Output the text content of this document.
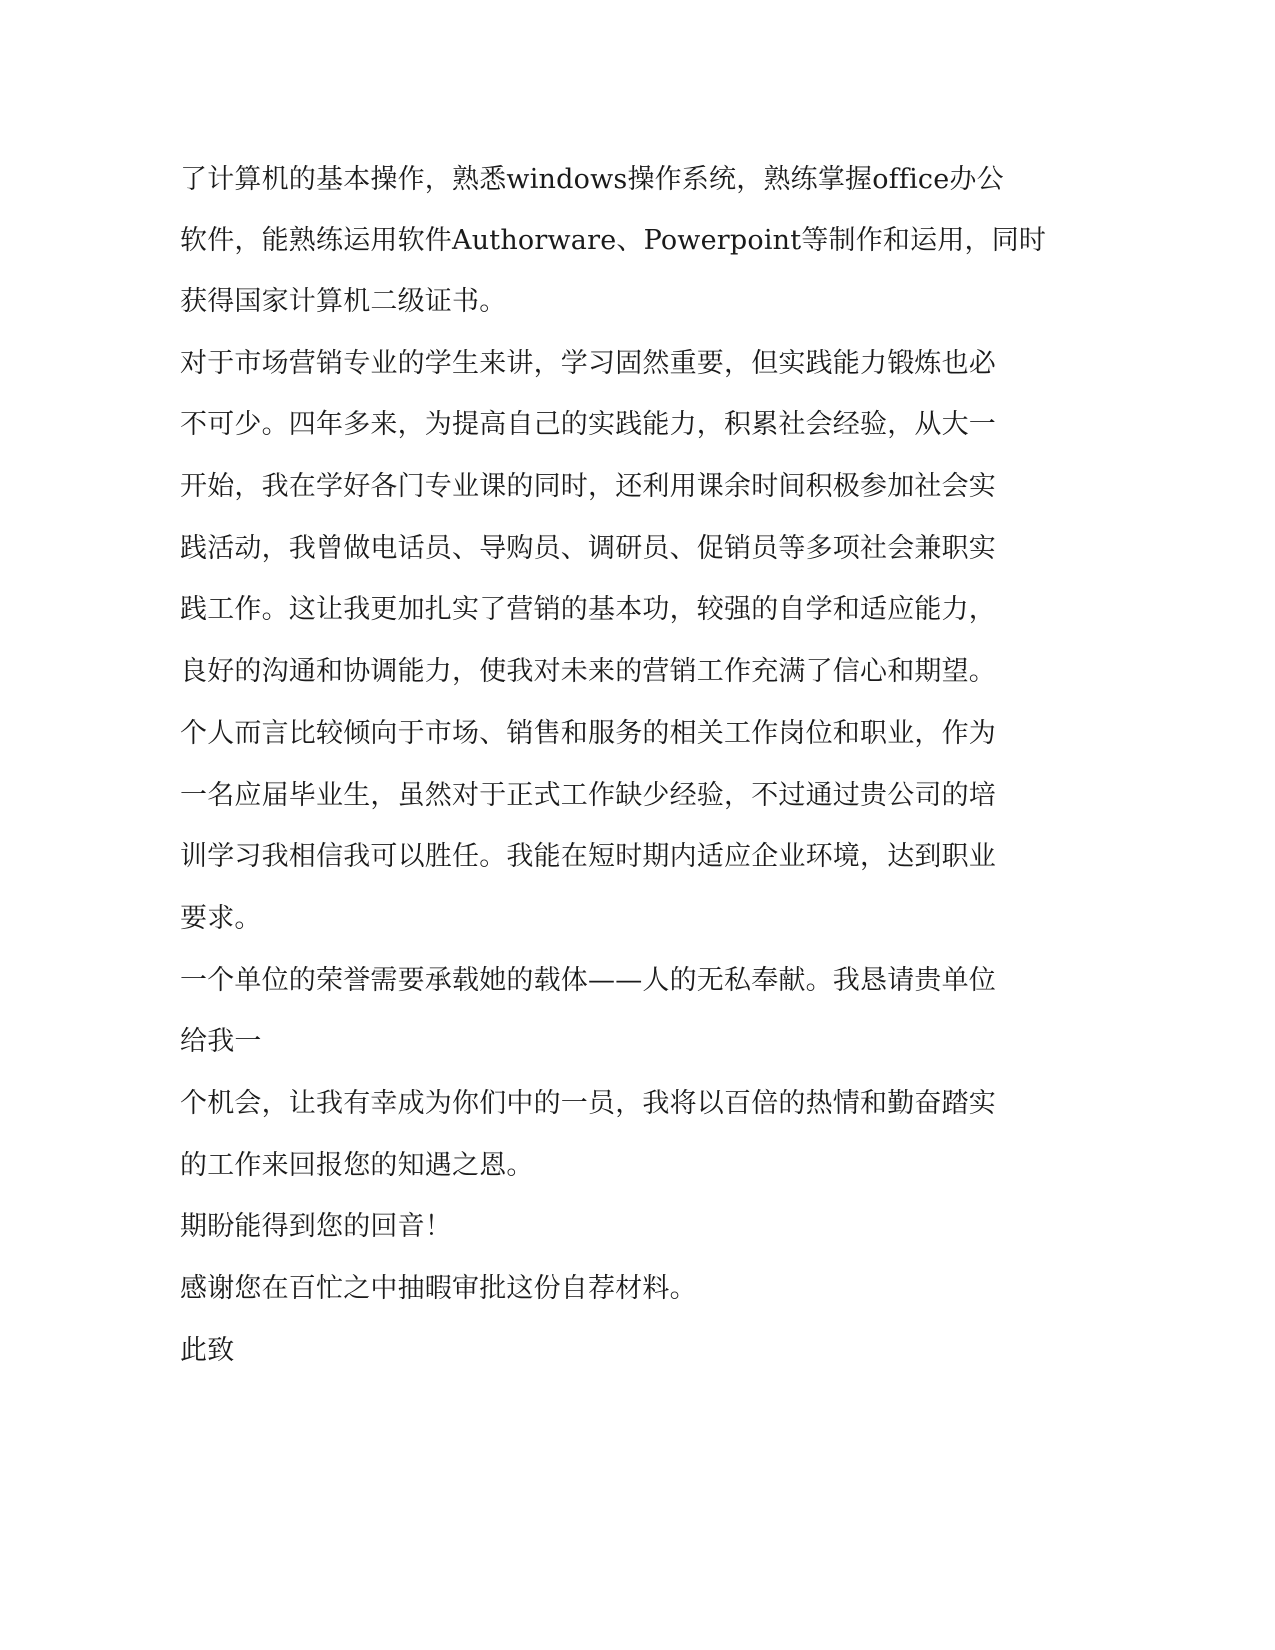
了计算机的基本操作，熟悉windows操作系统，熟练掌握office办公
软件，能熟练运用软件Authorware、Powerpoint等制作和运用，同时
获得国家计算机二级证书。
对于市场营销专业的学生来讲，学习固然重要，但实践能力锻炼也必
不可少。四年多来，为提高自己的实践能力，积累社会经验，从大一
开始，我在学好各门专业课的同时，还利用课余时间积极参加社会实
践活动，我曾做电话员、导购员、调研员、促销员等多项社会兼职实
践工作。这让我更加扎实了营销的基本功，较强的自学和适应能力，
良好的沟通和协调能力，使我对未来的营销工作充满了信心和期望。
个人而言比较倾向于市场、销售和服务的相关工作岗位和职业，作为
一名应届毕业生，虽然对于正式工作缺少经验，不过通过贵公司的培
训学习我相信我可以胜任。我能在短时期内适应企业环境，达到职业
要求。
一个单位的荣誉需要承载她的载体——人的无私奉献。我恳请贵单位
给我一
个机会，让我有幸成为你们中的一员，我将以百倍的热情和勤奋踏实
的工作来回报您的知遇之恩。
期盼能得到您的回音！
感谢您在百忙之中抽暇审批这份自荐材料。
此致
